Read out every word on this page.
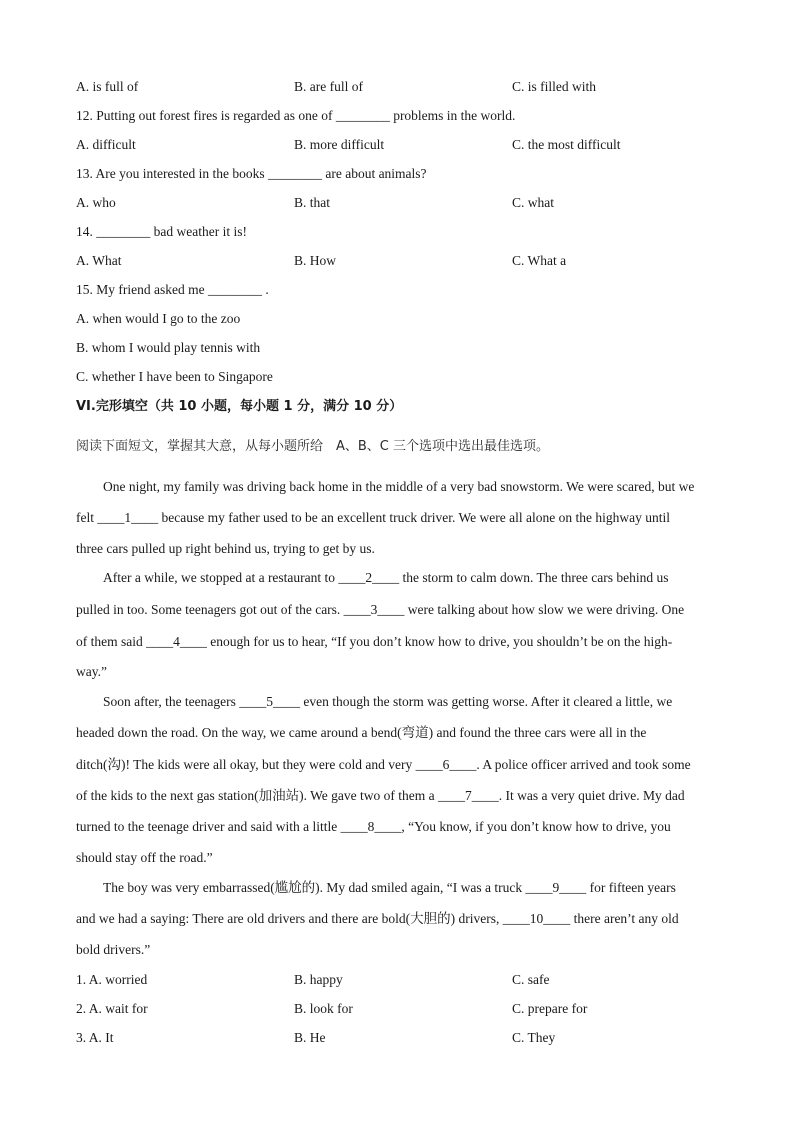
A. is full of	B. are full of	C. is filled with
12. Putting out forest fires is regarded as one of ________ problems in the world.
A. difficult	B. more difficult	C. the most difficult
13. Are you interested in the books ________ are about animals?
A. who	B. that	C. what
14. ________ bad weather it is!
A. What	B. How	C. What a
15. My friend asked me ________ .
A. when would I go to the zoo
B. whom I would play tennis with
C. whether I have been to Singapore
VI.完形填空（共 10 小题，每小题 1 分，满分 10 分）
阅读下面短文，掌握其大意，从每小题所给　A、B、C 三个选项中选出最佳选项。
One night, my family was driving back home in the middle of a very bad snowstorm. We were scared, but we
felt ____1____ because my father used to be an excellent truck driver. We were all alone on the highway until
three cars pulled up right behind us, trying to get by us.
After a while, we stopped at a restaurant to ____2____ the storm to calm down. The three cars behind us
pulled in too. Some teenagers got out of the cars. ____3____ were talking about how slow we were driving. One
of them said ____4____ enough for us to hear, “If you don’t know how to drive, you shouldn’t be on the high-
way.”
Soon after, the teenagers ____5____ even though the storm was getting worse. After it cleared a little, we
headed down the road. On the way, we came around a bend(弯道) and found the three cars were all in the
ditch(沟)! The kids were all okay, but they were cold and very ____6____. A police officer arrived and took some
of the kids to the next gas station(加油站). We gave two of them a ____7____. It was a very quiet drive. My dad
turned to the teenage driver and said with a little ____8____, “You know, if you don’t know how to drive, you
should stay off the road.”
The boy was very embarrassed(尴尬的). My dad smiled again, “I was a truck ____9____ for fifteen years
and we had a saying: There are old drivers and there are bold(大胆的) drivers, ____10____ there aren’t any old
bold drivers.”
1. A. worried	B. happy	C. safe
2. A. wait for	B. look for	C. prepare for
3. A. It	B. He	C. They
